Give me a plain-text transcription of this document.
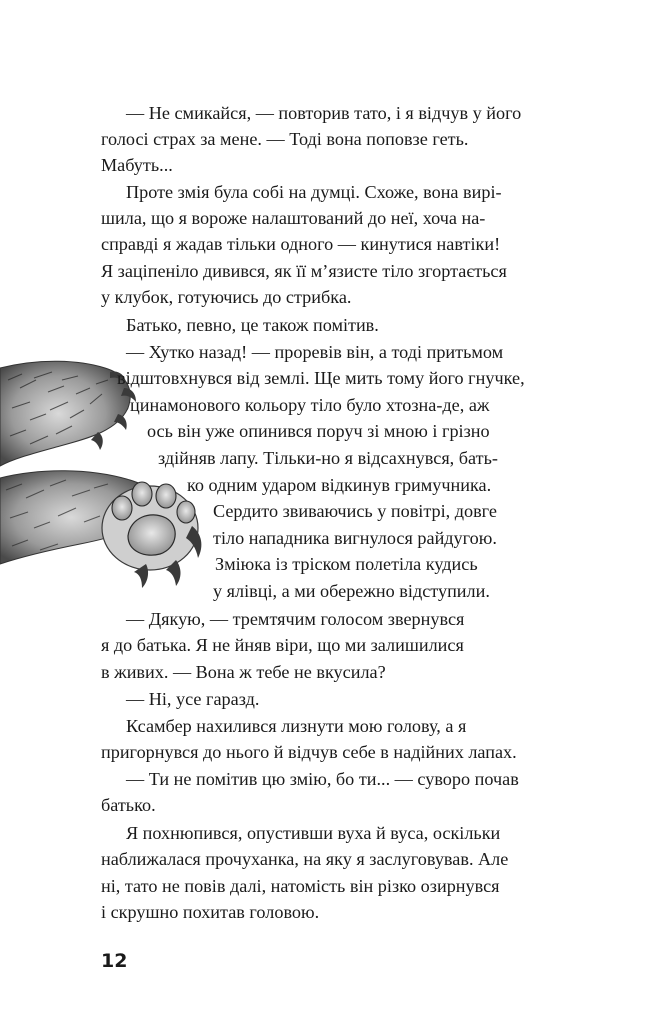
— Не смикайся, — повторив тато, і я відчув у його

голосі страх за мене. — Тоді вона поповзе геть.

Мабуть...

Проте змія була собі на думці. Схоже, вона вирі-

шила, що я вороже налаштований до неї, хоча на-

справді я жадав тільки одного — кинутися навтіки!

Я заціпеніло дивився, як її м’язисте тіло згортається

у клубок, готуючись до стрибка.

Батько, певно, це також помітив.

— Хутко назад! — проревів він, а тоді притьмом

відштовхнувся від землі. Ще мить тому його гнучке,

цинамонового кольору тіло було хтозна-де, аж

ось він уже опинився поруч зі мною і грізно

здійняв лапу. Тільки-но я відсахнувся, бать-

ко одним ударом відкинув гримучника.

Сердито звиваючись у повітрі, довге

тіло нападника вигнулося райдугою.

Змiюка із тріском полетіла кудись

у ялівці, а ми обережно відступили.

— Дякую, — тремтячим голосом звернувся

я до батька. Я не йняв віри, що ми залишилися

в живих. — Вона ж тебе не вкусила?

— Ні, усе гаразд.

Ксамбер нахилився лизнути мою голову, а я

пригорнувся до нього й відчув себе в надійних лапах.

— Ти не помітив цю змію, бо ти... — суворо почав

батько.

Я похнюпився, опустивши вуха й вуса, оскільки

наближалася прочуханка, на яку я заслуговував. Але

ні, тато не повів далі, натомість він різко озирнувся

і скрушно похитав головою.

12
